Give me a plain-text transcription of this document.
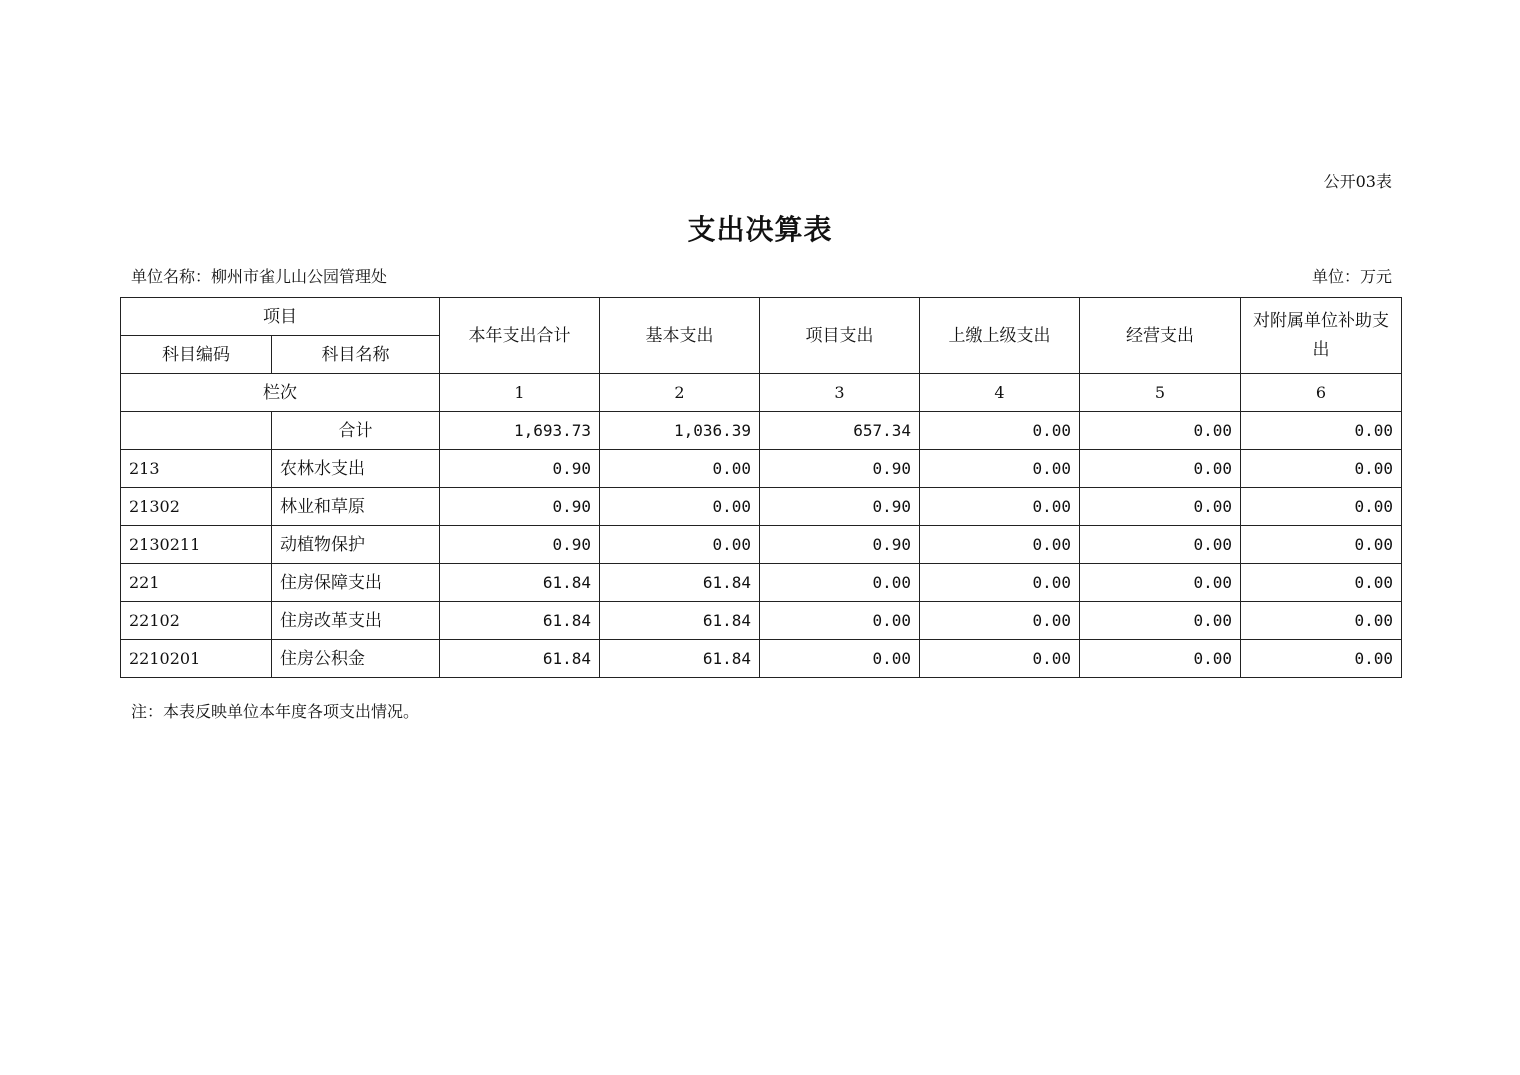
公开03表
支出决算表
单位名称：柳州市雀儿山公园管理处	单位：万元
项目		本年支出合计	基本支出	项目支出	上缴上级支出	经营支出	对附属单位补助支出
科目编码	科目名称						
栏次		1	2	3	4	5	6
	合计	1,693.73	1,036.39	657.34	0.00	0.00	0.00
213	农林水支出	0.90	0.00	0.90	0.00	0.00	0.00
21302	林业和草原	0.90	0.00	0.90	0.00	0.00	0.00
2130211	动植物保护	0.90	0.00	0.90	0.00	0.00	0.00
221	住房保障支出	61.84	61.84	0.00	0.00	0.00	0.00
22102	住房改革支出	61.84	61.84	0.00	0.00	0.00	0.00
2210201	住房公积金	61.84	61.84	0.00	0.00	0.00	0.00
注：本表反映单位本年度各项支出情况。
